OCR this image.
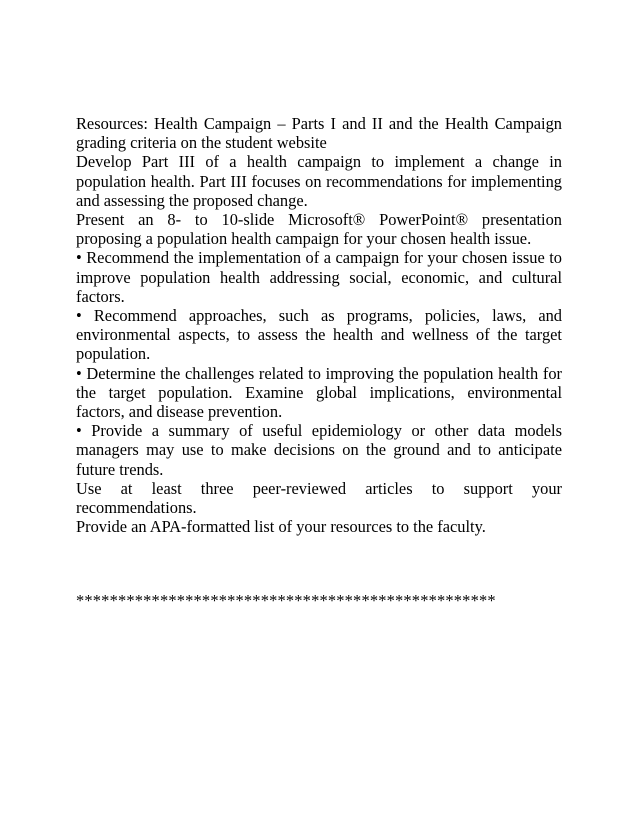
Resources: Health Campaign – Parts I and II and the Health Campaign grading criteria on the student website

Develop Part III of a health campaign to implement a change in population health. Part III focuses on recommendations for implementing and assessing the proposed change.

Present an 8- to 10-slide Microsoft® PowerPoint® presentation proposing a population health campaign for your chosen health issue.

• Recommend the implementation of a campaign for your chosen issue to improve population health addressing social, economic, and cultural factors.

• Recommend approaches, such as programs, policies, laws, and environmental aspects, to assess the health and wellness of the target population.

• Determine the challenges related to improving the population health for the target population. Examine global implications, environmental factors, and disease prevention.

• Provide a summary of useful epidemiology or other data models managers may use to make decisions on the ground and to anticipate future trends.

Use at least three peer-reviewed articles to support your recommendations.

Provide an APA-formatted list of your resources to the faculty.

**************************************************
